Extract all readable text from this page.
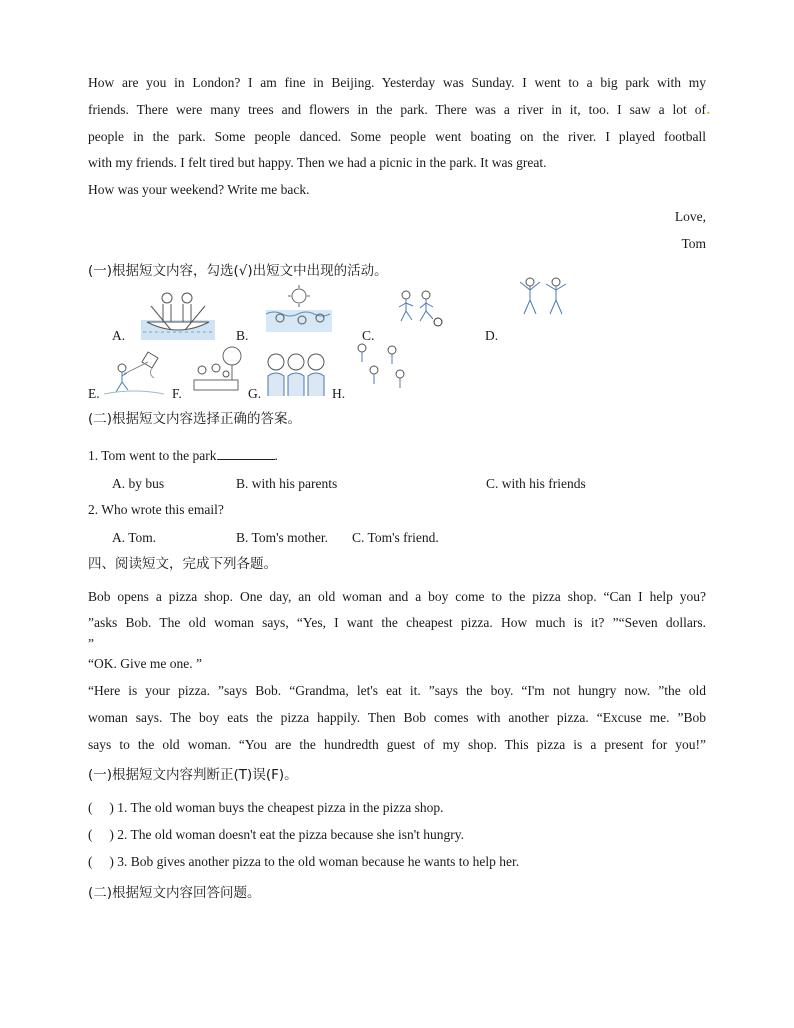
How are you in London? I am fine in Beijing. Yesterday was Sunday. I went to a big park with my

friends. There were many trees and flowers in the park. There was a river in it, too. I saw a lot of .

people in the park. Some people danced. Some people went boating on the river. I played football

with my friends. I felt tired but happy. Then we had a picnic in the park. It was great.

How was your weekend? Write me back.

Love,

Tom

(一)根据短文内容，勾选(√)出短文中出现的活动。

A.	B.	C.	D.
E.	F.	G.	H.

(二)根据短文内容选择正确的答案。

1. Tom went to the park	.

A. by bus	B. with his parents	C. with his friends

2. Who wrote this email?

A. Tom.	B. Tom's mother. C. Tom's friend.

四、阅读短文，完成下列各题。

Bob opens a pizza shop. One day, an old woman and a boy come to the pizza shop. “Can I help you?

”asks Bob. The old woman says, “Yes, I want the cheapest pizza. How much is it? ”“Seven dollars.

”

“OK. Give me one. ”

“Here is your pizza. ”says Bob. “Grandma, let's eat it. ”says the boy. “I'm not hungry now. ”the old

woman says. The boy eats the pizza happily. Then Bob comes with another pizza. “Excuse me. ”Bob

says to the old woman. “You are the hundredth guest of my shop. This pizza is a present for you!”

(一)根据短文内容判断正(T)误(F)。

(     ) 1. The old woman buys the cheapest pizza in the pizza shop.

(     ) 2. The old woman doesn't eat the pizza because she isn't hungry.

(     ) 3. Bob gives another pizza to the old woman because he wants to help her.

(二)根据短文内容回答问题。
